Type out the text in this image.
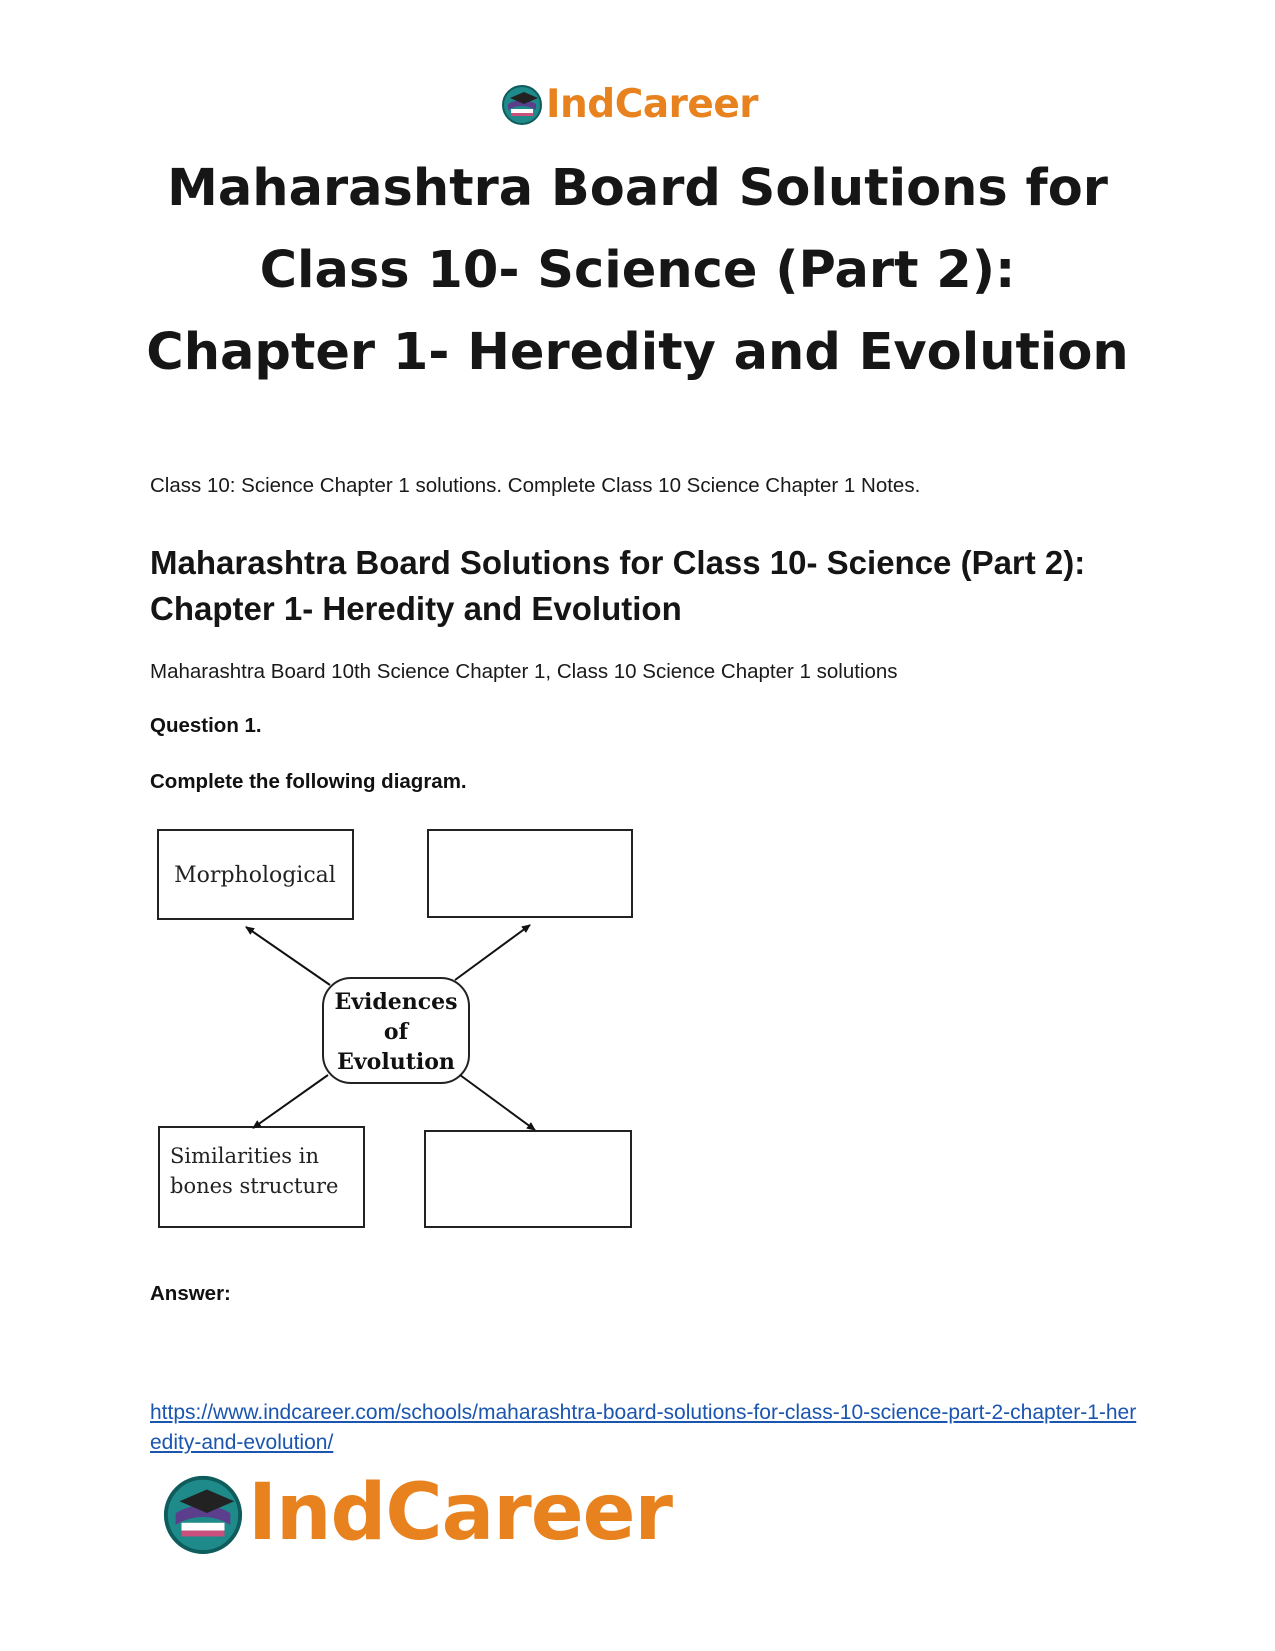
IndCareer
Maharashtra Board Solutions for Class 10- Science (Part 2): Chapter 1- Heredity and Evolution

Class 10: Science Chapter 1 solutions. Complete Class 10 Science Chapter 1 Notes.

Maharashtra Board Solutions for Class 10- Science (Part 2): Chapter 1- Heredity and Evolution

Maharashtra Board 10th Science Chapter 1, Class 10 Science Chapter 1 solutions

Question 1.

Complete the following diagram.

Evidences
of
Evolution
Morphological
Similarities in
bones structure

Answer:

https://www.indcareer.com/schools/maharashtra-board-solutions-for-class-10-science-part-2-chapter-1-heredity-and-evolution/
IndCareer
